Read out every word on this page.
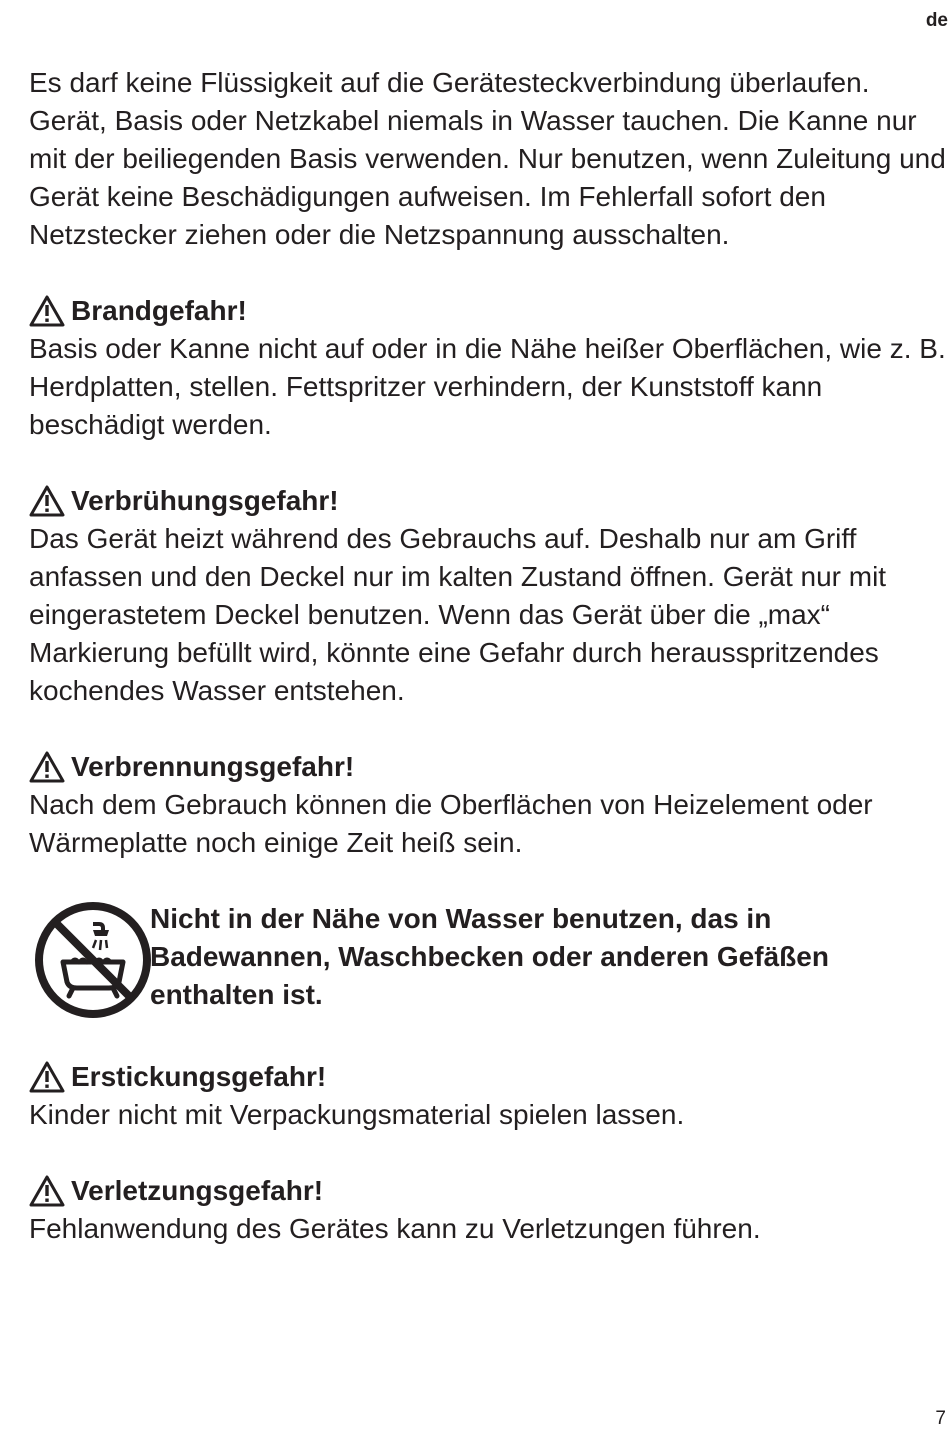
de

Es darf keine Flüssigkeit auf die Gerätesteckverbindung überlaufen. Gerät, Basis oder Netzkabel niemals in Wasser tauchen. Die Kanne nur mit der beiliegenden Basis verwenden. Nur benutzen, wenn Zuleitung und Gerät keine Beschädigungen aufweisen. Im Fehlerfall sofort den Netzstecker ziehen oder die Netzspannung ausschalten.

Brandgefahr!

Basis oder Kanne nicht auf oder in die Nähe heißer Oberflächen, wie z. B. Herdplatten, stellen. Fettspritzer verhindern, der Kunststoff kann beschädigt werden.

Verbrühungsgefahr!

Das Gerät heizt während des Gebrauchs auf. Deshalb nur am Griff anfassen und den Deckel nur im kalten Zustand öffnen. Gerät nur mit eingerastetem Deckel benutzen. Wenn das Gerät über die „max“ Markierung befüllt wird, könnte eine Gefahr durch herausspritzendes kochendes Wasser entstehen.

Verbrennungsgefahr!

Nach dem Gebrauch können die Oberflächen von Heizelement oder Wärmeplatte noch einige Zeit heiß sein.

Nicht in der Nähe von Wasser benutzen, das in Badewannen, Waschbecken oder anderen Gefäßen enthalten ist.

Erstickungsgefahr!

Kinder nicht mit Verpackungsmaterial spielen lassen.

Verletzungsgefahr!

Fehlanwendung des Gerätes kann zu Verletzungen führen.

7
